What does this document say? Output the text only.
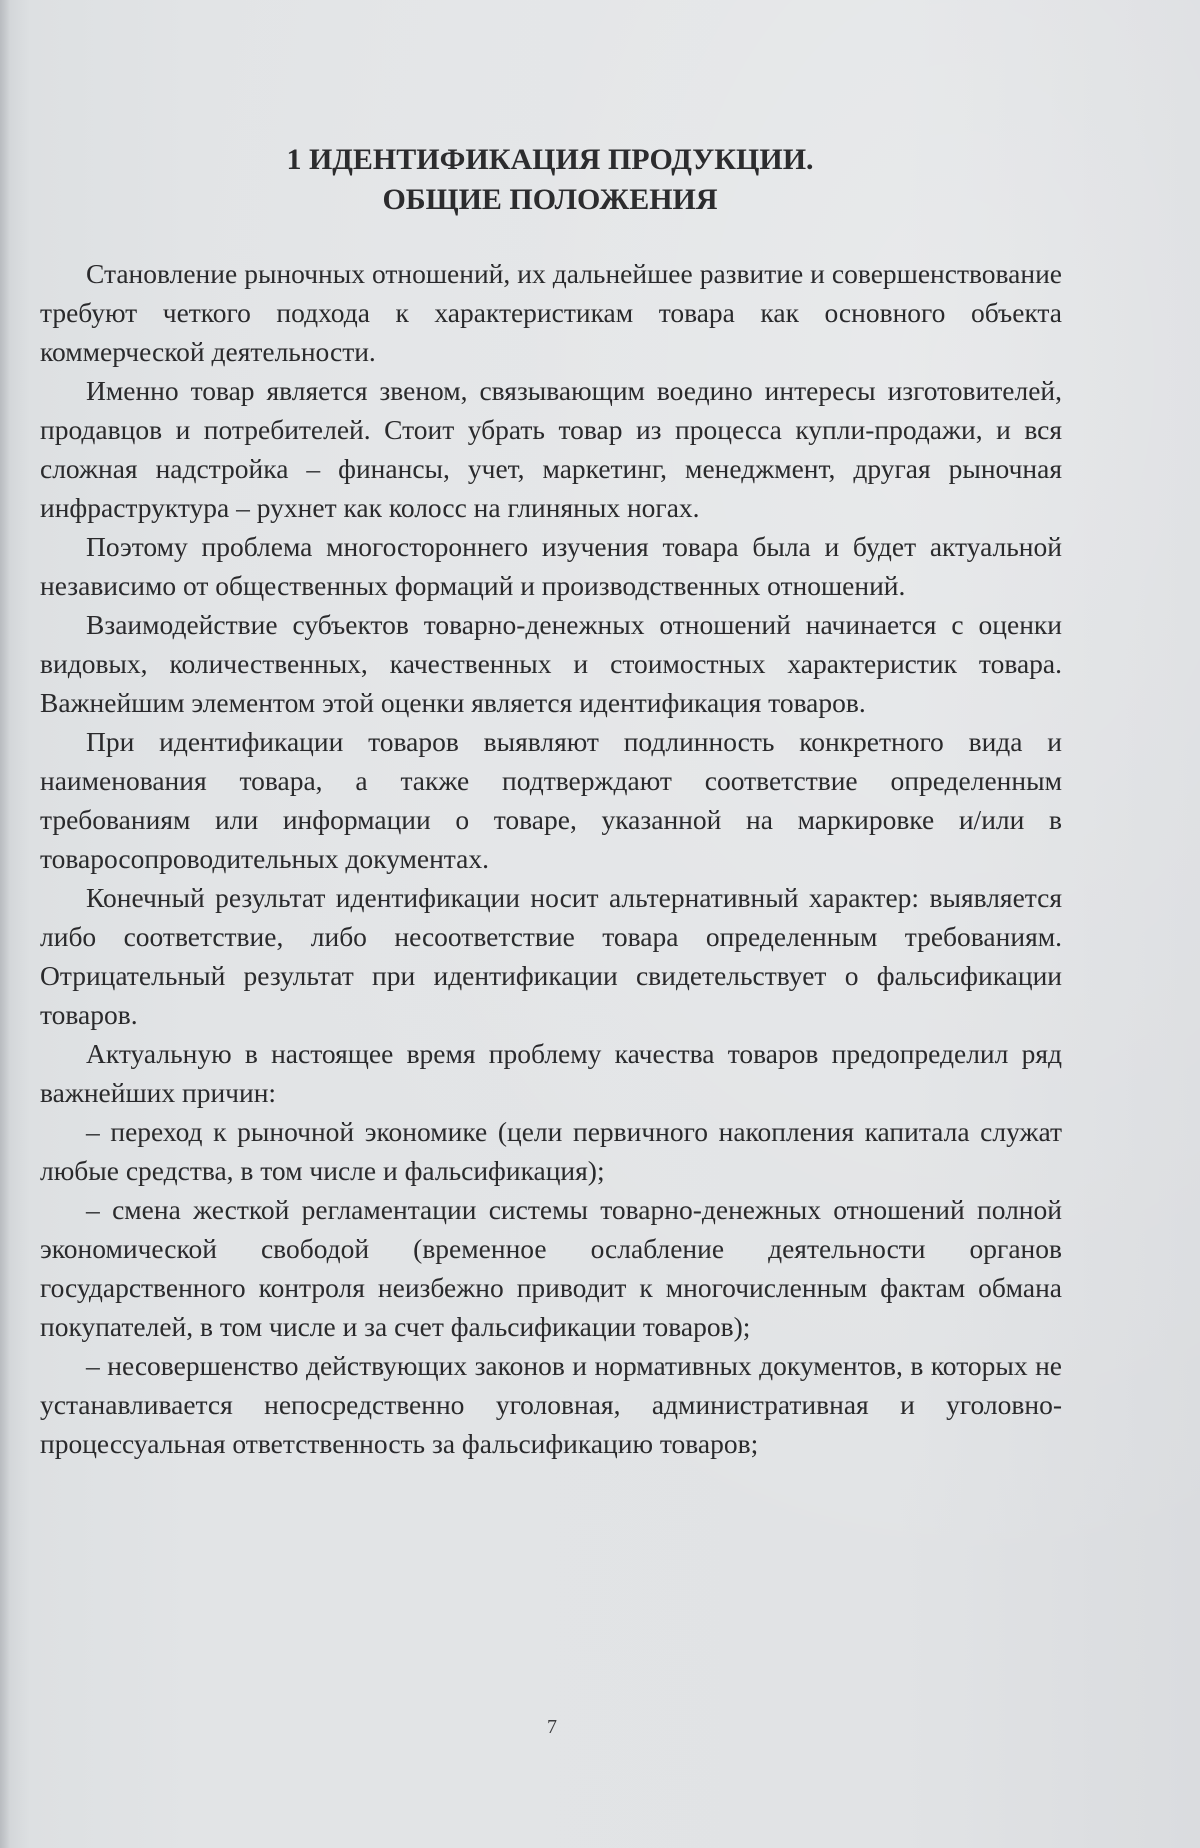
1 ИДЕНТИФИКАЦИЯ ПРОДУКЦИИ.
ОБЩИЕ ПОЛОЖЕНИЯ

Становление рыночных отношений, их дальнейшее развитие и совершенствование требуют четкого подхода к характеристикам товара как основного объекта коммерческой деятельности.

Именно товар является звеном, связывающим воедино интересы изготовителей, продавцов и потребителей. Стоит убрать товар из процесса купли-продажи, и вся сложная надстройка – финансы, учет, маркетинг, менеджмент, другая рыночная инфраструктура – рухнет как колосс на глиняных ногах.

Поэтому проблема многостороннего изучения товара была и будет актуальной независимо от общественных формаций и производственных отношений.

Взаимодействие субъектов товарно-денежных отношений начинается с оценки видовых, количественных, качественных и стоимостных характеристик товара. Важнейшим элементом этой оценки является идентификация товаров.

При идентификации товаров выявляют подлинность конкретного вида и наименования товара, а также подтверждают соответствие определенным требованиям или информации о товаре, указанной на маркировке и/или в товаросопроводительных документах.

Конечный результат идентификации носит альтернативный характер: выявляется либо соответствие, либо несоответствие товара определенным требованиям. Отрицательный результат при идентификации свидетельствует о фальсификации товаров.

Актуальную в настоящее время проблему качества товаров предопределил ряд важнейших причин:

– переход к рыночной экономике (цели первичного накопления капитала служат любые средства, в том числе и фальсификация);

– смена жесткой регламентации системы товарно-денежных отношений полной экономической свободой (временное ослабление деятельности органов государственного контроля неизбежно приводит к многочисленным фактам обмана покупателей, в том числе и за счет фальсификации товаров);

– несовершенство действующих законов и нормативных документов, в которых не устанавливается непосредственно уголовная, административная и уголовно-процессуальная ответственность за фальсификацию товаров;

7
